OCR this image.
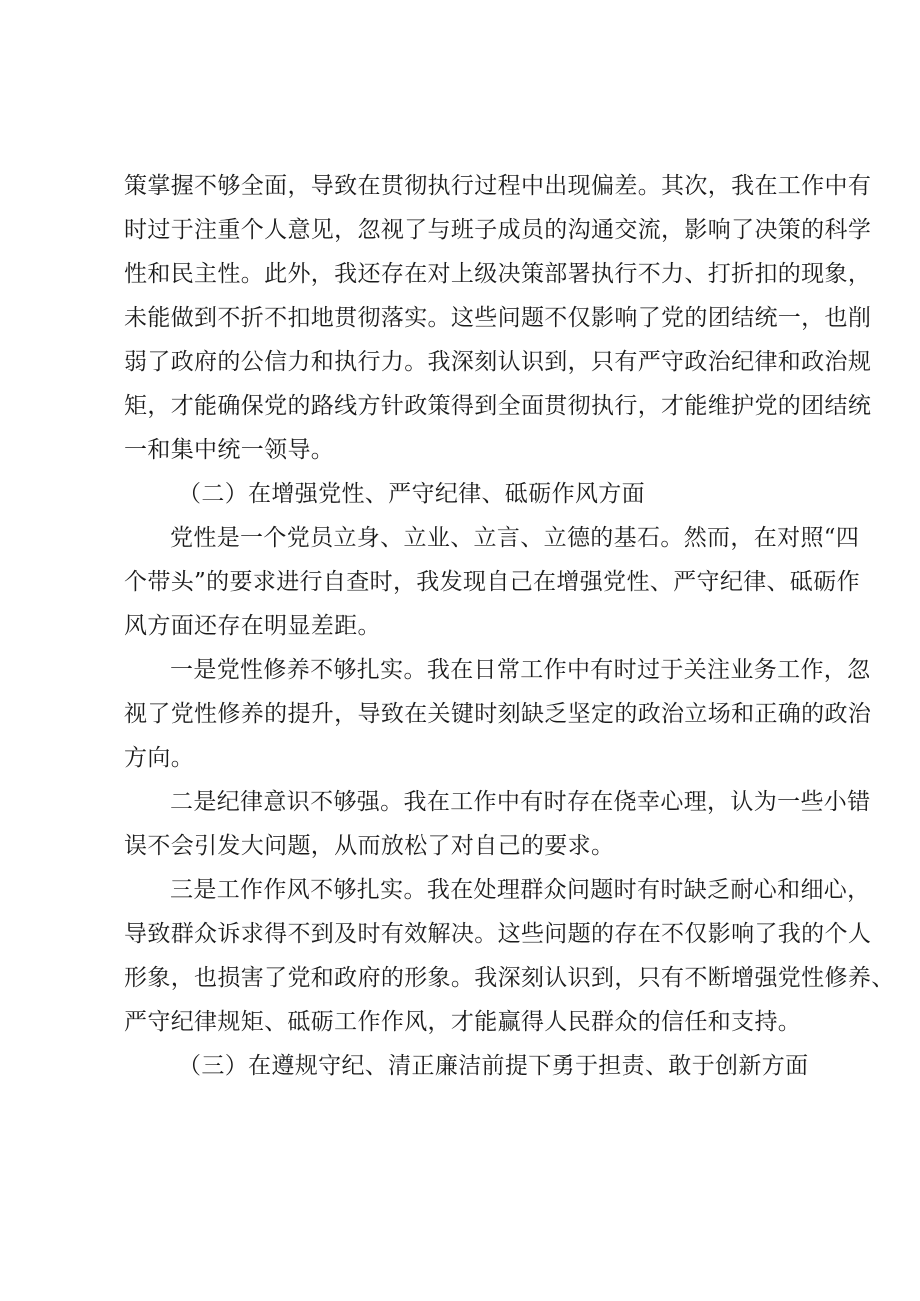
策掌握不够全面，导致在贯彻执行过程中出现偏差。其次，我在工作中有
时过于注重个人意见，忽视了与班子成员的沟通交流，影响了决策的科学
性和民主性。此外，我还存在对上级决策部署执行不力、打折扣的现象，
未能做到不折不扣地贯彻落实。这些问题不仅影响了党的团结统一，也削
弱了政府的公信力和执行力。我深刻认识到，只有严守政治纪律和政治规
矩，才能确保党的路线方针政策得到全面贯彻执行，才能维护党的团结统
一和集中统一领导。
（二）在增强党性、严守纪律、砥砺作风方面
党性是一个党员立身、立业、立言、立德的基石。然而，在对照“四
个带头”的要求进行自查时，我发现自己在增强党性、严守纪律、砥砺作
风方面还存在明显差距。
一是党性修养不够扎实。我在日常工作中有时过于关注业务工作，忽
视了党性修养的提升，导致在关键时刻缺乏坚定的政治立场和正确的政治
方向。
二是纪律意识不够强。我在工作中有时存在侥幸心理，认为一些小错
误不会引发大问题，从而放松了对自己的要求。
三是工作作风不够扎实。我在处理群众问题时有时缺乏耐心和细心，
导致群众诉求得不到及时有效解决。这些问题的存在不仅影响了我的个人
形象，也损害了党和政府的形象。我深刻认识到，只有不断增强党性修养、
严守纪律规矩、砥砺工作作风，才能赢得人民群众的信任和支持。
（三）在遵规守纪、清正廉洁前提下勇于担责、敢于创新方面
